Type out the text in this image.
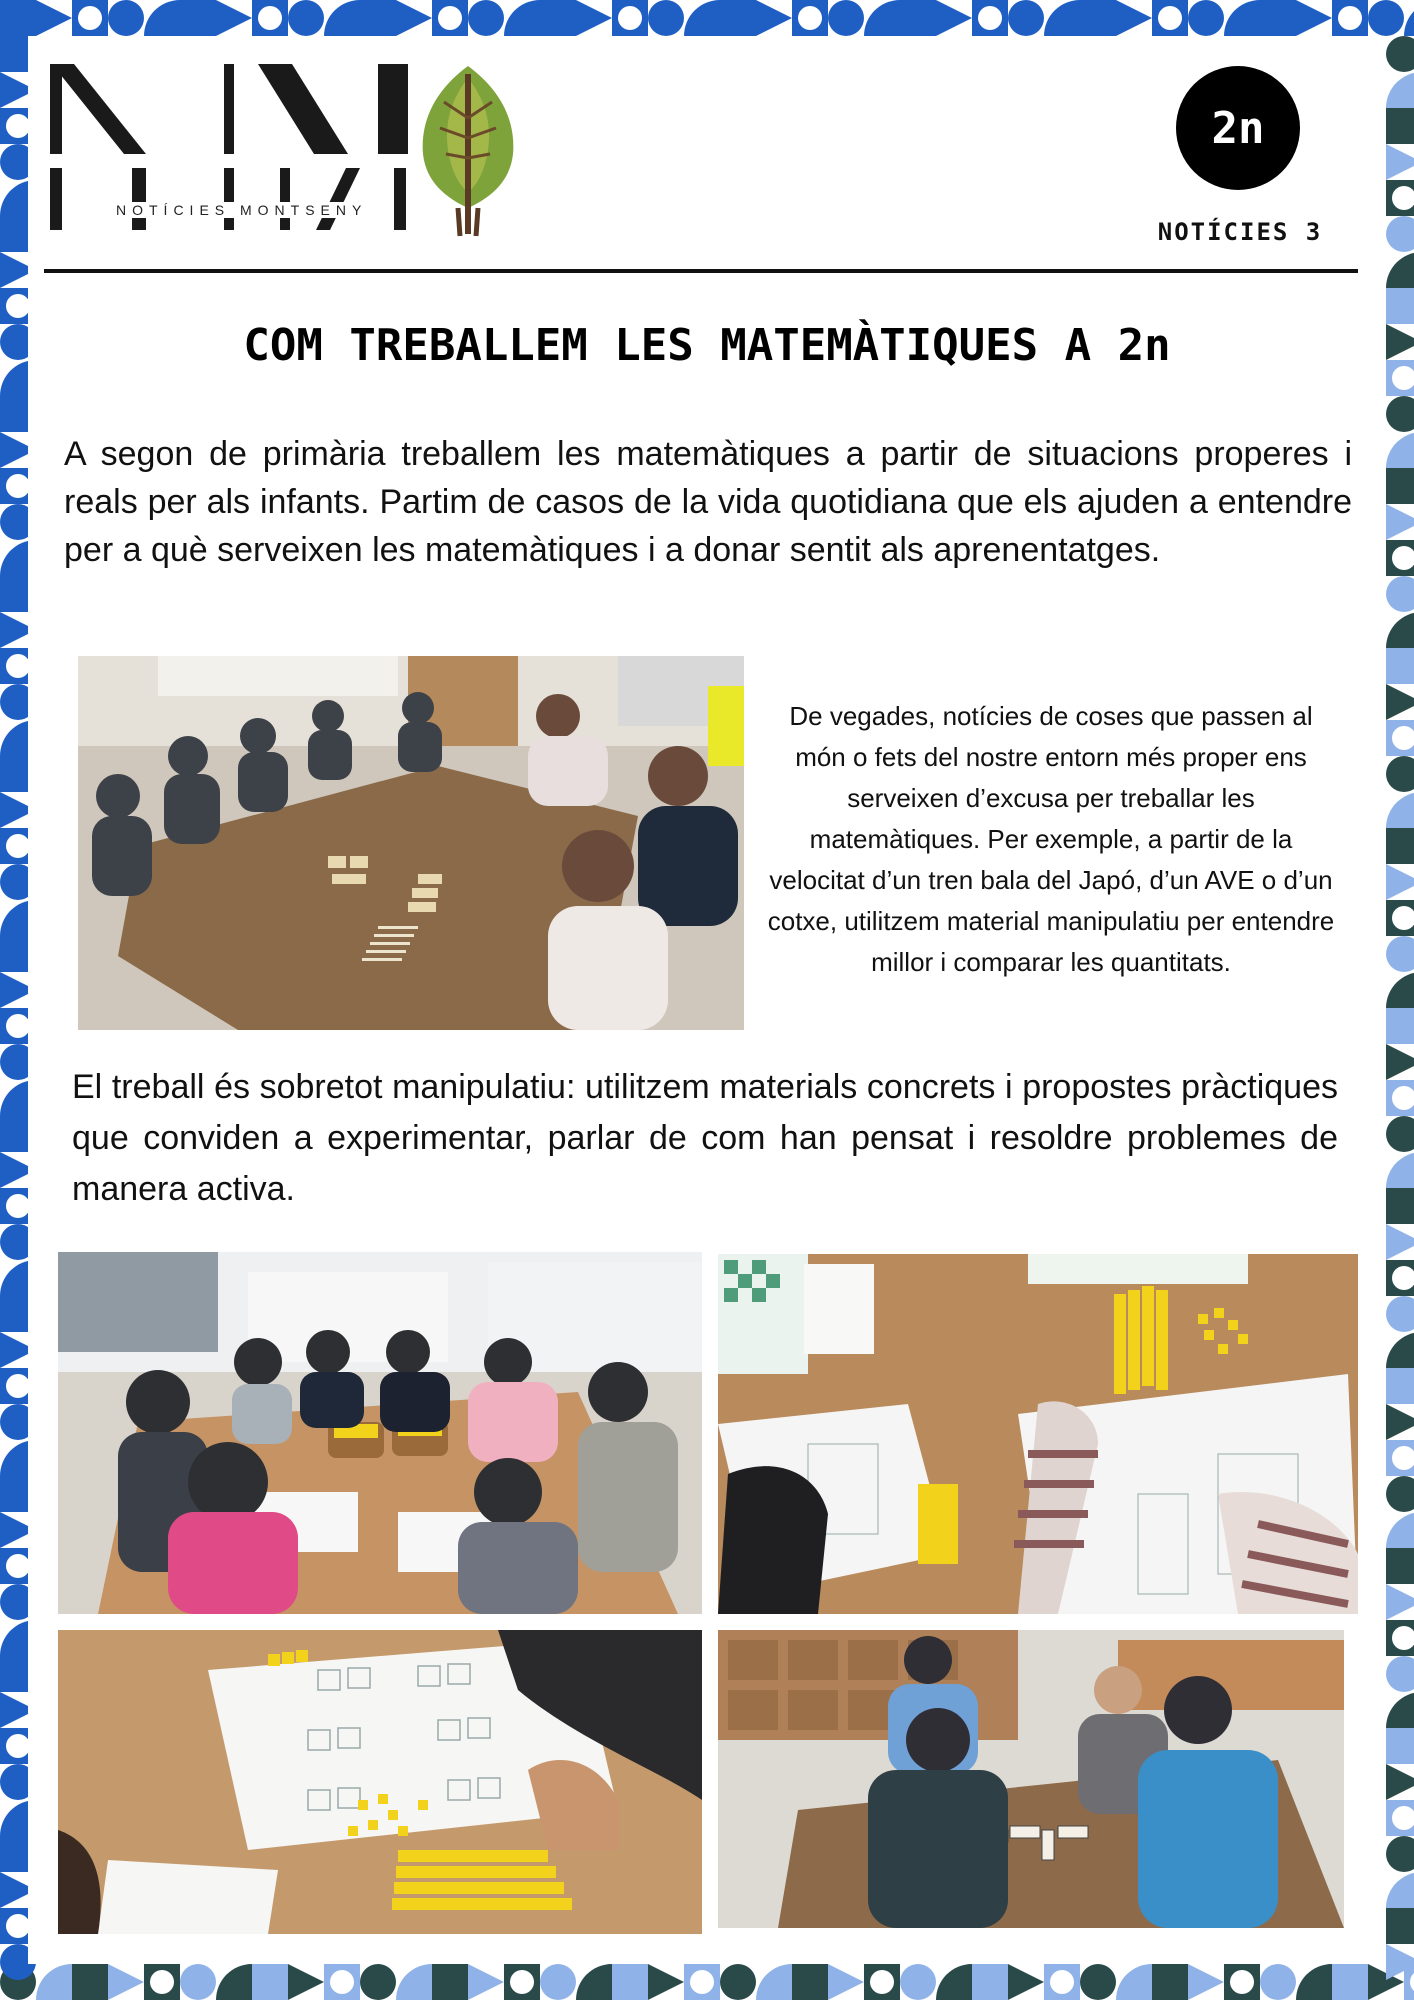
NOTÍCIES MONTSENY
2n
NOTÍCIES 3
COM TREBALLEM LES MATEMÀTIQUES A 2n

A segon de primària treballem les matemàtiques a partir de situacions properes i reals per als infants. Partim de casos de la vida quotidiana que els ajuden a entendre per a què serveixen les matemàtiques i a donar sentit als aprenentatges.

De vegades, notícies de coses que passen al món o fets del nostre entorn més proper ens serveixen d’excusa per treballar les matemàtiques. Per exemple, a partir de la velocitat d’un tren bala del Japó, d’un AVE o d’un cotxe, utilitzem material manipulatiu per entendre millor i comparar les quantitats.

El treball és sobretot manipulatiu: utilitzem materials concrets i propostes pràctiques que conviden a experimentar, parlar de com han pensat i resoldre problemes de manera activa.
